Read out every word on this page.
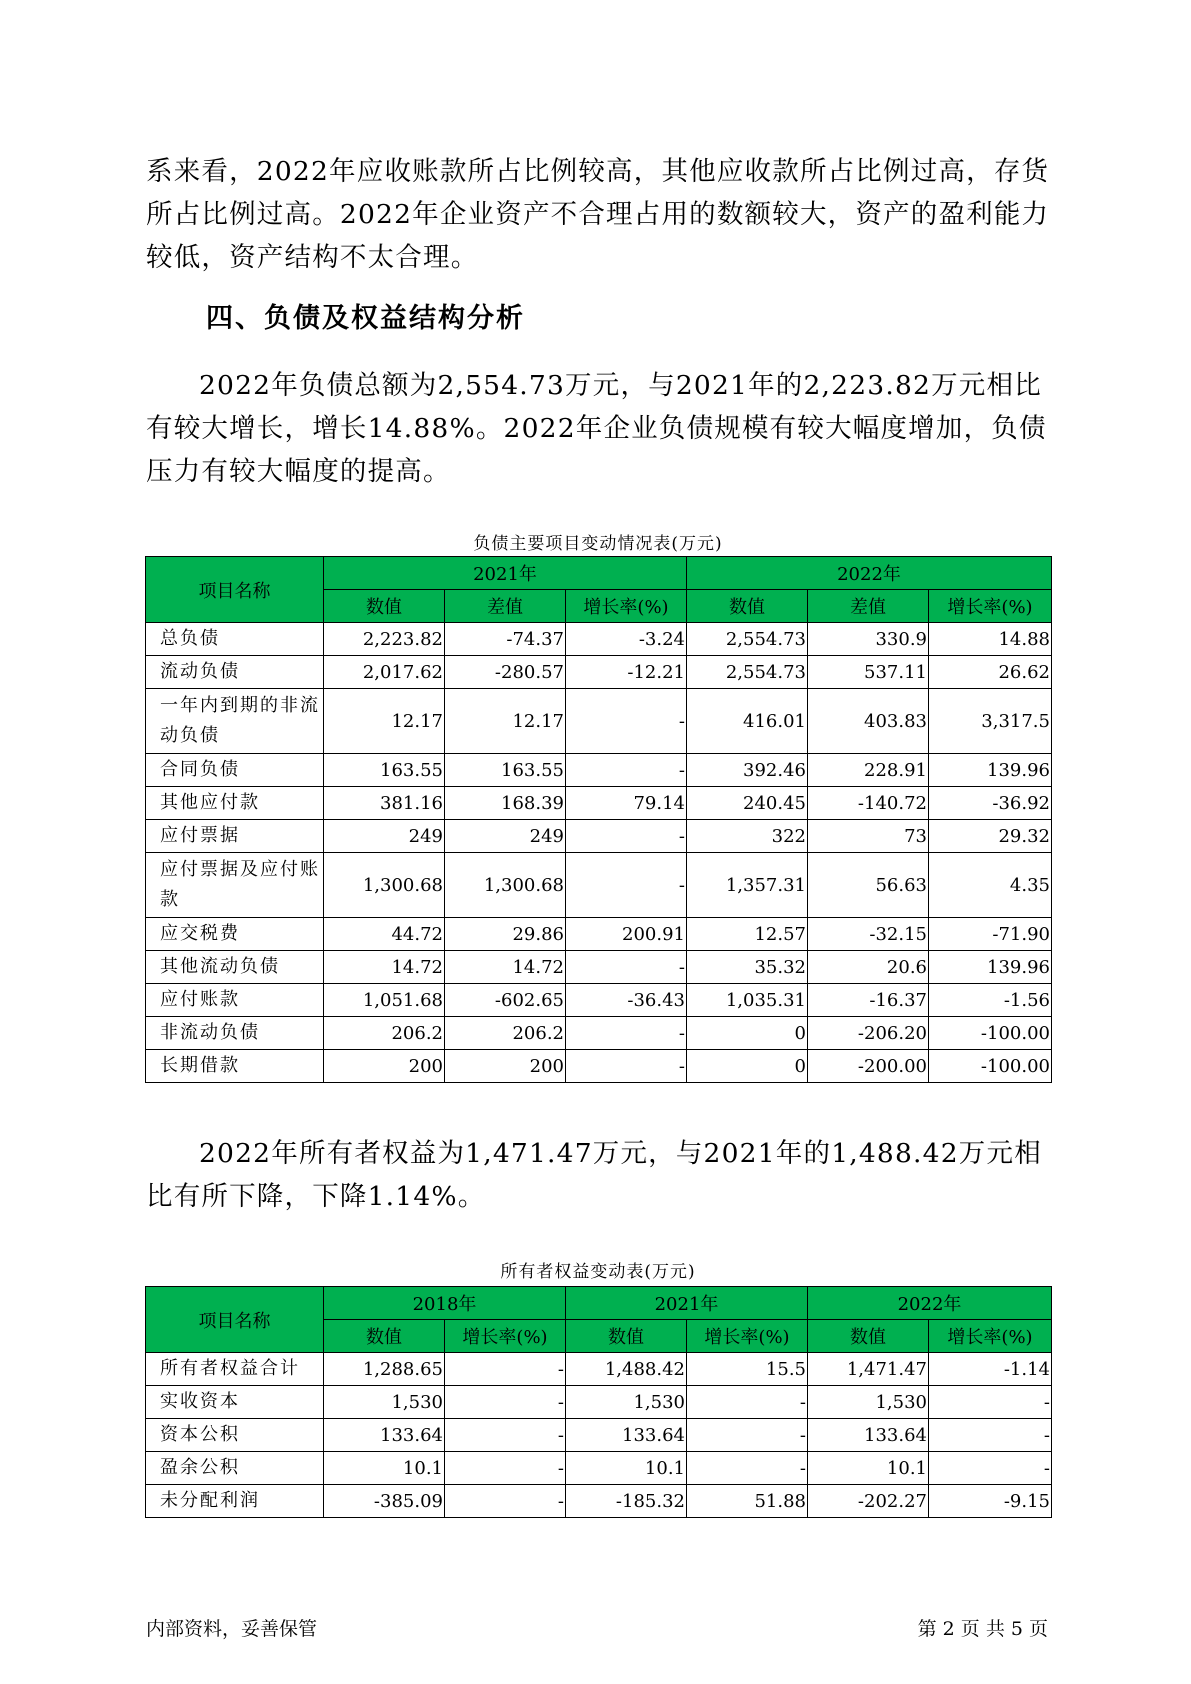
系来看，2022年应收账款所占比例较高，其他应收款所占比例过高，存货所占比例过高。2022年企业资产不合理占用的数额较大，资产的盈利能力较低，资产结构不太合理。

四、负债及权益结构分析

2022年负债总额为2,554.73万元，与2021年的2,223.82万元相比有较大增长，增长14.88%。2022年企业负债规模有较大幅度增加，负债压力有较大幅度的提高。

负债主要项目变动情况表(万元)
项目名称	2021年			2022年		
	数值	差值	增长率(%)	数值	差值	增长率(%)
总负债	2,223.82	-74.37	-3.24	2,554.73	330.9	14.88
流动负债	2,017.62	-280.57	-12.21	2,554.73	537.11	26.62
一年内到期的非流动负债	12.17	12.17	-	416.01	403.83	3,317.5
合同负债	163.55	163.55	-	392.46	228.91	139.96
其他应付款	381.16	168.39	79.14	240.45	-140.72	-36.92
应付票据	249	249	-	322	73	29.32
应付票据及应付账款	1,300.68	1,300.68	-	1,357.31	56.63	4.35
应交税费	44.72	29.86	200.91	12.57	-32.15	-71.90
其他流动负债	14.72	14.72	-	35.32	20.6	139.96
应付账款	1,051.68	-602.65	-36.43	1,035.31	-16.37	-1.56
非流动负债	206.2	206.2	-	0	-206.20	-100.00
长期借款	200	200	-	0	-200.00	-100.00

2022年所有者权益为1,471.47万元，与2021年的1,488.42万元相比有所下降，下降1.14%。

所有者权益变动表(万元)
项目名称	2018年		2021年		2022年	
	数值	增长率(%)	数值	增长率(%)	数值	增长率(%)
所有者权益合计	1,288.65	-	1,488.42	15.5	1,471.47	-1.14
实收资本	1,530	-	1,530	-	1,530	-
资本公积	133.64	-	133.64	-	133.64	-
盈余公积	10.1	-	10.1	-	10.1	-
未分配利润	-385.09	-	-185.32	51.88	-202.27	-9.15
内部资料，妥善保管	第 2 页 共 5 页
